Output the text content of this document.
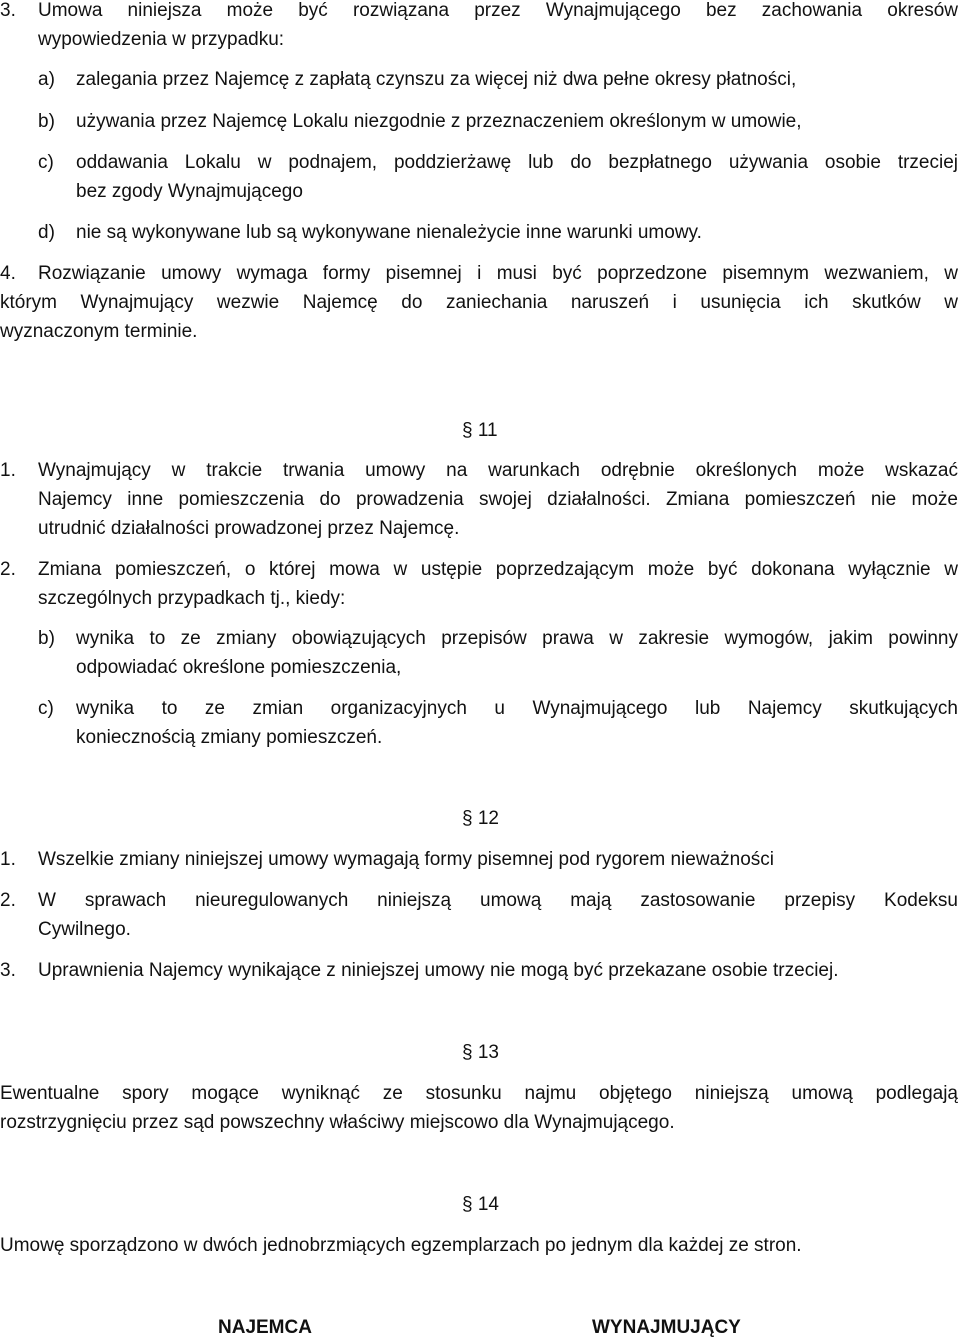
3. Umowa niniejsza może być rozwiązana przez Wynajmującego bez zachowania okresów
wypowiedzenia w przypadku:
a) zalegania przez Najemcę z zapłatą czynszu za więcej niż dwa pełne okresy płatności,
b) używania przez Najemcę Lokalu niezgodnie z przeznaczeniem określonym w umowie,
c) oddawania Lokalu w podnajem, poddzierżawę lub do bezpłatnego używania osobie trzeciej
bez zgody Wynajmującego
d) nie są wykonywane lub są wykonywane nienależycie inne warunki umowy.
4. Rozwiązanie umowy wymaga formy pisemnej i musi być poprzedzone pisemnym wezwaniem, w
którym Wynajmujący wezwie Najemcę do zaniechania naruszeń i usunięcia ich skutków w
wyznaczonym terminie.
§ 11
1. Wynajmujący w trakcie trwania umowy na warunkach odrębnie określonych może wskazać
Najemcy inne pomieszczenia do prowadzenia swojej działalności. Zmiana pomieszczeń nie może
utrudnić działalności prowadzonej przez Najemcę.
2. Zmiana pomieszczeń, o której mowa w ustępie poprzedzającym może być dokonana wyłącznie w
szczególnych przypadkach tj., kiedy:
b) wynika to ze zmiany obowiązujących przepisów prawa w zakresie wymogów, jakim powinny
odpowiadać określone pomieszczenia,
c) wynika to ze zmian organizacyjnych u Wynajmującego lub Najemcy skutkujących
koniecznością zmiany pomieszczeń.
§ 12
1. Wszelkie zmiany niniejszej umowy wymagają formy pisemnej pod rygorem nieważności
2. W sprawach nieuregulowanych niniejszą umową mają zastosowanie przepisy Kodeksu
Cywilnego.
3. Uprawnienia Najemcy wynikające z niniejszej umowy nie mogą być przekazane osobie trzeciej.
§ 13
Ewentualne spory mogące wyniknąć ze stosunku najmu objętego niniejszą umową podlegają
rozstrzygnięciu przez sąd powszechny właściwy miejscowo dla Wynajmującego.
§ 14
Umowę sporządzono w dwóch jednobrzmiących egzemplarzach po jednym dla każdej ze stron.
NAJEMCA	WYNAJMUJĄCY
